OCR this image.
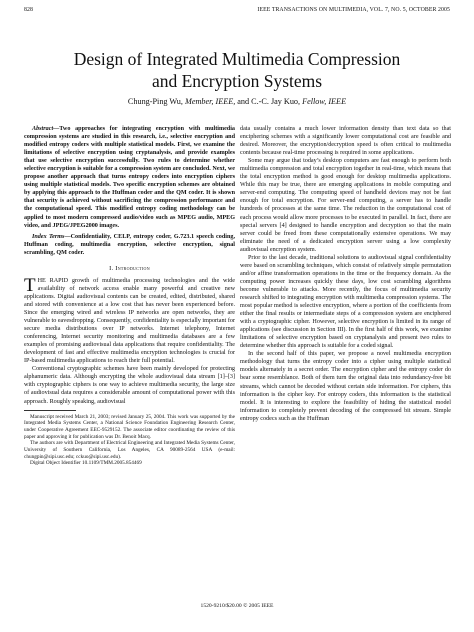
828	IEEE TRANSACTIONS ON MULTIMEDIA, VOL. 7, NO. 5, OCTOBER 2005
Design of Integrated Multimedia Compression
and Encryption Systems
Chung-Ping Wu, Member, IEEE, and C.-C. Jay Kuo, Fellow, IEEE

Abstract—Two approaches for integrating encryption with multimedia compression systems are studied in this research, i.e., selective encryption and modified entropy coders with multiple statistical models. First, we examine the limitations of selective encryption using cryptanalysis, and provide examples that use selective encryption successfully. Two rules to determine whether selective encryption is suitable for a compression system are concluded. Next, we propose another approach that turns entropy coders into encryption ciphers using multiple statistical models. Two specific encryption schemes are obtained by applying this approach to the Huffman coder and the QM coder. It is shown that security is achieved without sacrificing the compression performance and the computational speed. This modified entropy coding methodology can be applied to most modern compressed audio/video such as MPEG audio, MPEG video, and JPEG/JPEG2000 images.

Index Terms—Confidentiality, CELP, entropy coder, G.723.1 speech coding, Huffman coding, multimedia encryption, selective encryption, signal scrambling, QM coder.

I. Introduction

THE RAPID growth of multimedia processing technologies and the wide availability of network access enable many powerful and creative new applications. Digital audiovisual contents can be created, edited, distributed, shared and stored with convenience at a low cost that has never been experienced before. Since the emerging wired and wireless IP networks are open networks, they are vulnerable to eavesdropping. Consequently, confidentiality is especially important for secure media distributions over IP networks. Internet telephony, Internet conferencing, Internet security monitoring and multimedia databases are a few examples of promising audiovisual data applications that require confidentiality. The development of fast and effective multimedia encryption technologies is crucial for IP-based multimedia applications to reach their full potential.

Conventional cryptographic schemes have been mainly developed for protecting alphanumeric data. Although encrypting the whole audiovisual data stream [1]–[3] with cryptographic ciphers is one way to achieve multimedia security, the large size of audiovisual data requires a considerable amount of computational power with this approach. Roughly speaking, audiovisual

Manuscript received March 21, 2003; revised January 25, 2004. This work was supported by the Integrated Media Systems Center, a National Science Foundation Engineering Research Center, under Cooperative Agreement EEC-9529152. The associate editor coordinating the review of this paper and approving it for publication was Dr. Benoit Macq.

The authors are with Department of Electrical Engineering and Integrated Media Systems Center, University of Southern California, Los Angeles, CA 90089-2564 USA (e-mail: chungpin@sipi.usc.edu; cckuo@sipi.usc.edu).

Digital Object Identifier 10.1109/TMM.2005.854469

data usually contains a much lower information density than text data so that enciphering schemes with a significantly lower computational cost are feasible and desired. Moreover, the encryption/decryption speed is often critical to multimedia contents because real-time processing is required in some applications.

Some may argue that today’s desktop computers are fast enough to perform both multimedia compression and total encryption together in real-time, which means that the total encryption method is good enough for desktop multimedia applications. While this may be true, there are emerging applications in mobile computing and server-end computing. The computing speed of handheld devices may not be fast enough for total encryption. For server-end computing, a server has to handle hundreds of processes at the same time. The reduction in the computational cost of each process would allow more processes to be executed in parallel. In fact, there are special servers [4] designed to handle encryption and decryption so that the main server could be freed from these computationally extensive operations. We may eliminate the need of a dedicated encryption server using a low complexity audiovisual encryption system.

Prior to the last decade, traditional solutions to audiovisual signal confidentiality were based on scrambling techniques, which consist of relatively simple permutation and/or affine transformation operations in the time or the frequency domain. As the computing power increases quickly these days, low cost scrambling algorithms become vulnerable to attacks. More recently, the focus of multimedia security research shifted to integrating encryption with multimedia compression systems. The most popular method is selective encryption, where a portion of the coefficients from either the final results or intermediate steps of a compression system are enciphered with a cryptographic cipher. However, selective encryption is limited in its range of applications (see discussion in Section III). In the first half of this work, we examine limitations of selective encryption based on cryptanalysis and present two rules to determine whether this approach is suitable for a coded signal.

In the second half of this paper, we propose a novel multimedia encryption methodology that turns the entropy coder into a cipher using multiple statistical models alternately in a secret order. The encryption cipher and the entropy coder do bear some resemblance. Both of them turn the original data into redundancy-free bit streams, which cannot be decoded without certain side information. For ciphers, this information is the cipher key. For entropy coders, this information is the statistical model. It is interesting to explore the feasibility of hiding the statistical model information to completely prevent decoding of the compressed bit stream. Simple entropy codecs such as the Huffman

1520-9210/$20.00 © 2005 IEEE
